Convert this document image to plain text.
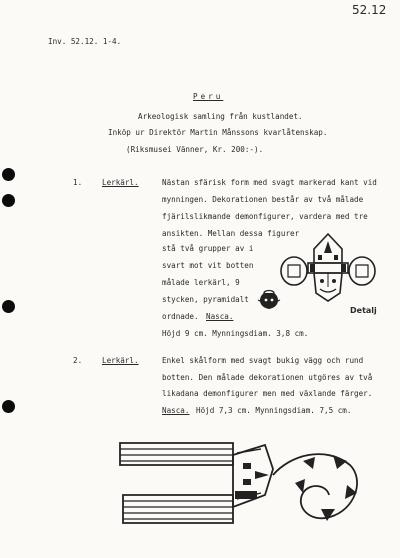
52.12
Inv. 52.12. 1-4.
Peru
Arkeologisk samling från kustlandet.
Inköp ur Direktör Martin Månssons kvarlåtenskap.
(Riksmusei Vänner, Kr. 200:-).
1.	Lerkärl.	Nästan sfärisk form med svagt markerad kant vid
mynningen. Dekorationen består av två målade
fjärilslikmande demonfigurer, vardera med tre
ansikten. Mellan dessa figurer
stå två grupper av i
svart mot vit botten
målade lerkärl, 9
stycken, pyramidalt
ordnade. Nasca.
Höjd 9 cm. Mynningsdiam. 3,8 cm.
Detalj
2.	Lerkärl.	Enkel skålform med svagt bukig vägg och rund
botten. Den målade dekorationen utgöres av två
likadana demonfigurer men med växlande färger.
Nasca. Höjd 7,3 cm. Mynningsdiam. 7,5 cm.
